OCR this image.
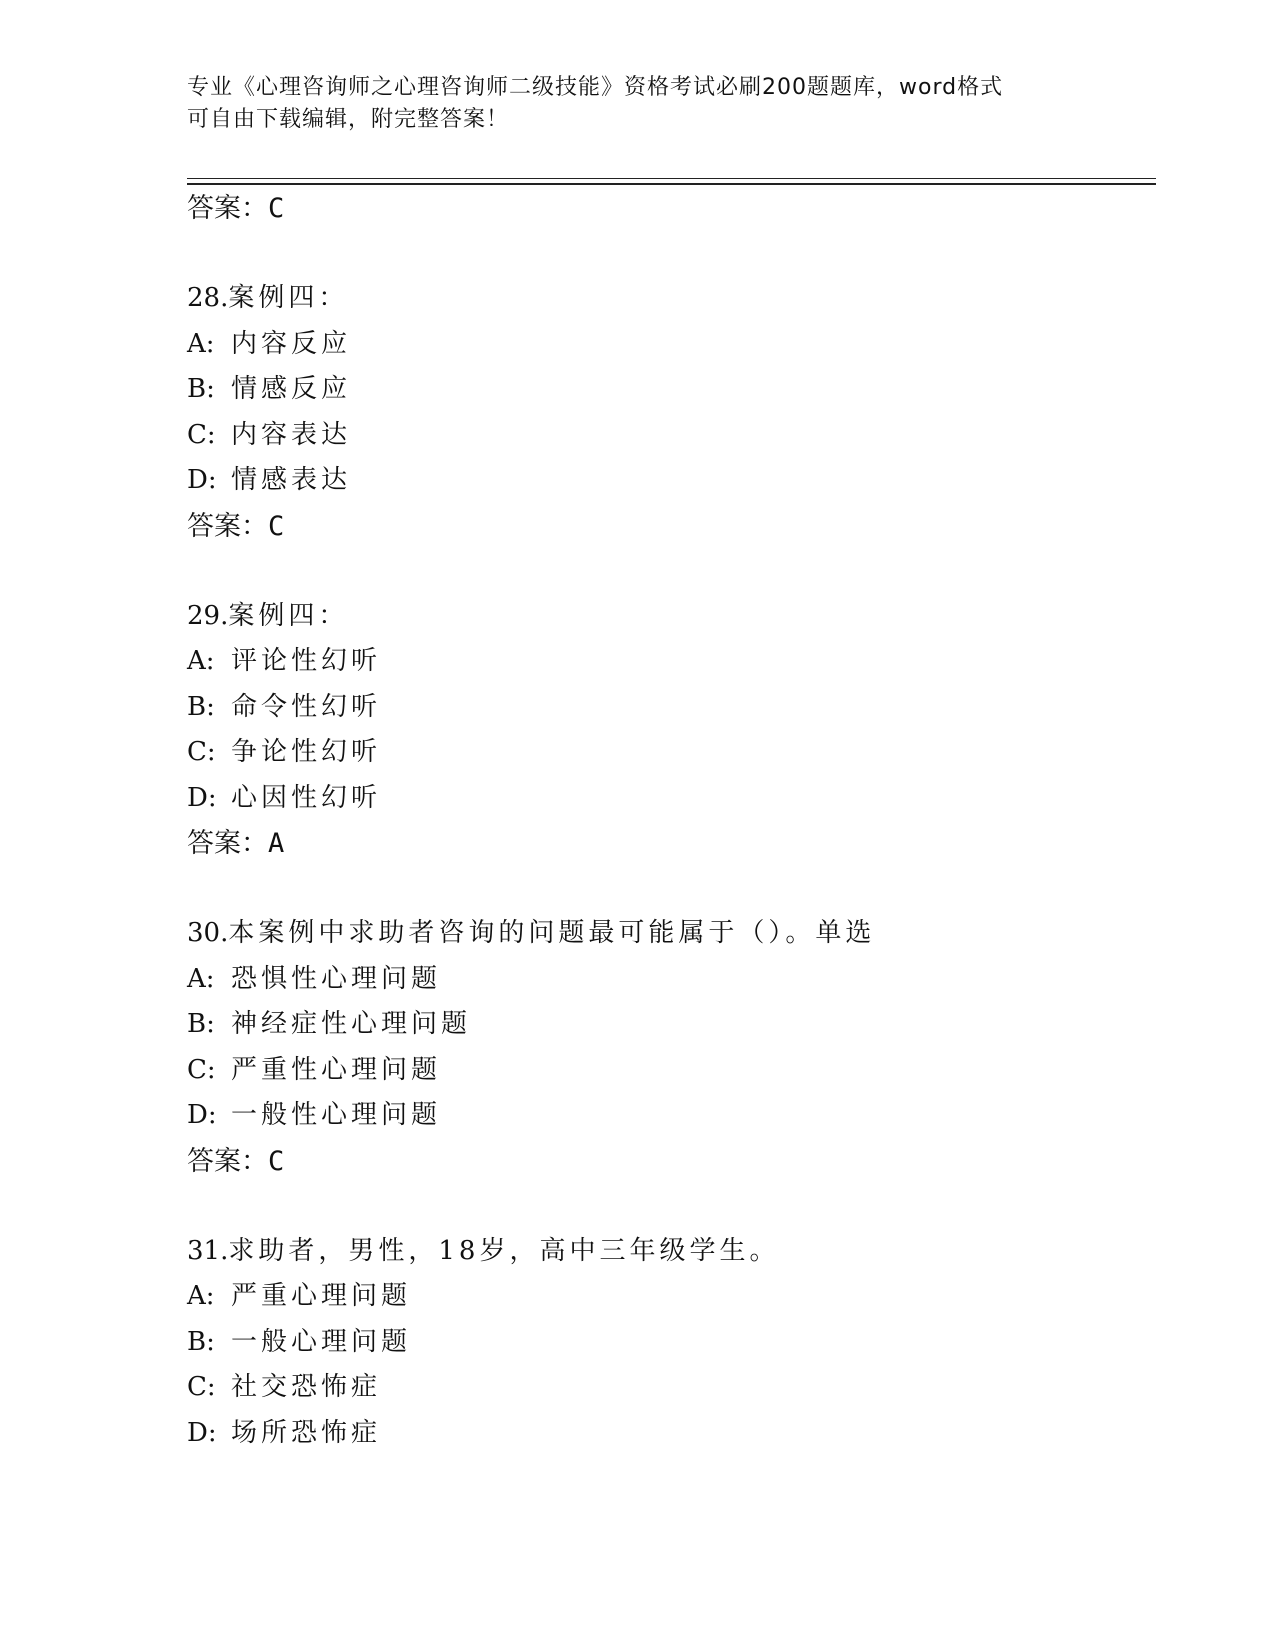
专业《心理咨询师之心理咨询师二级技能》资格考试必刷200题题库，word格式
可自由下载编辑，附完整答案！
答案：C
28.案例四：
A: 内容反应
B: 情感反应
C: 内容表达
D: 情感表达
答案：C
29.案例四：
A: 评论性幻听
B: 命令性幻听
C: 争论性幻听
D: 心因性幻听
答案：A
30.本案例中求助者咨询的问题最可能属于（）。单选
A: 恐惧性心理问题
B: 神经症性心理问题
C: 严重性心理问题
D: 一般性心理问题
答案：C
31.求助者，男性，18岁，高中三年级学生。
A: 严重心理问题
B: 一般心理问题
C: 社交恐怖症
D: 场所恐怖症
